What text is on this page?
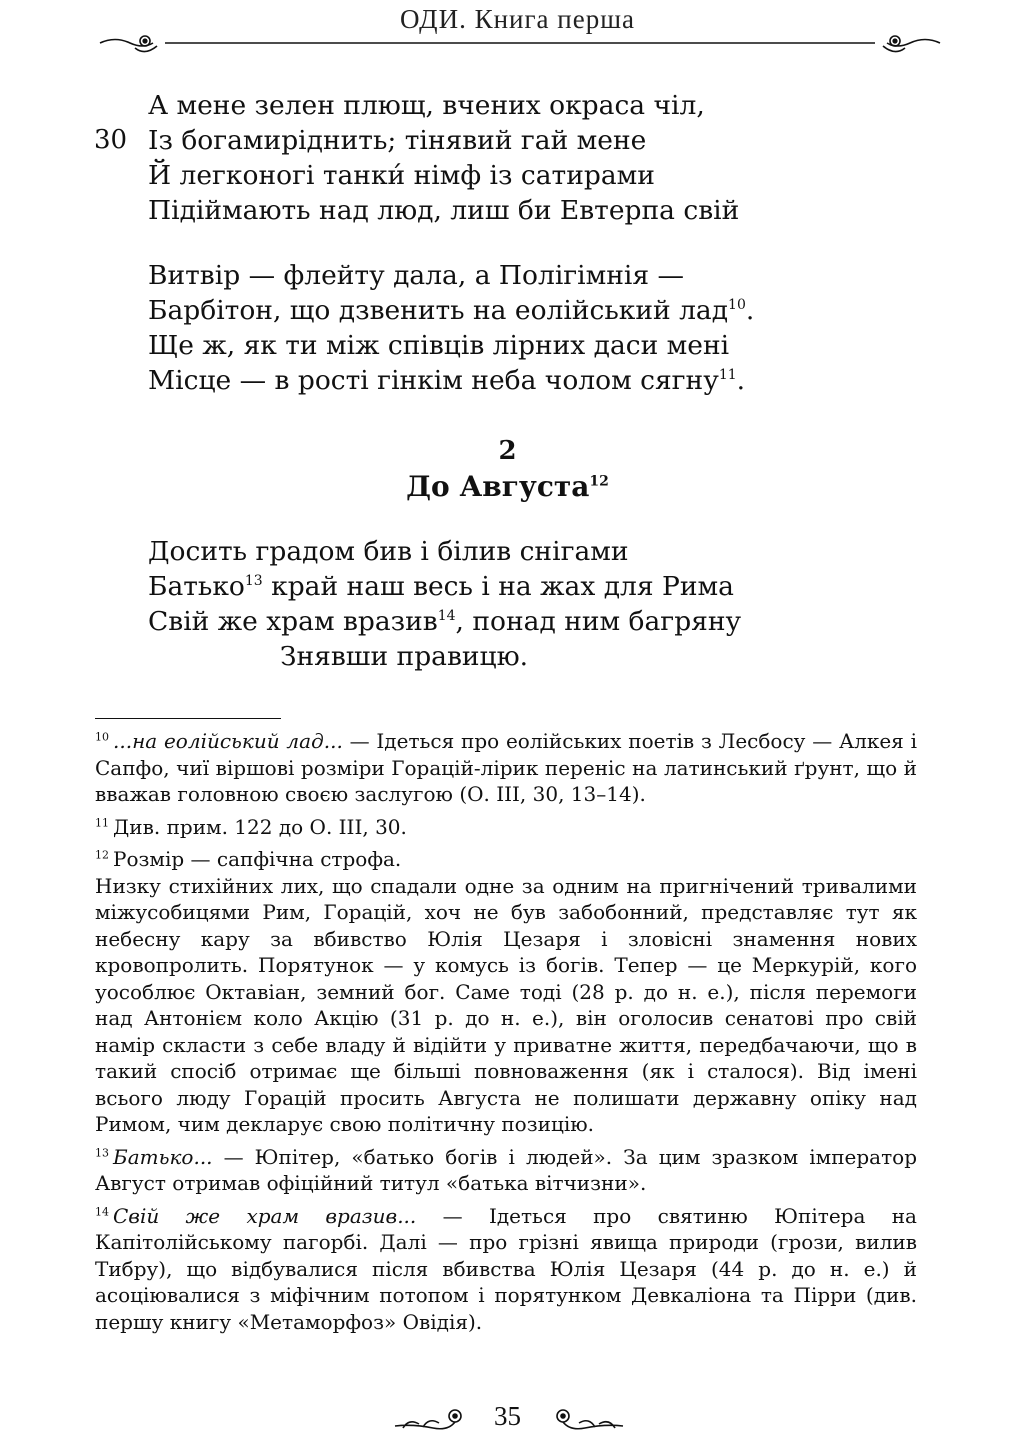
ОДИ. Книга перша
А мене зелен плющ, вчених окраса чіл,
30 Із богамиріднить; тінявий гай мене
Й легконогі танки́ німф із сатирами
Підіймають над люд, лиш би Евтерпа свій
Витвір — флейту дала, а Полігімнія —
Барбітон, що дзвенить на еолійський лад$^{10}$.
Ще ж, як ти між співців лірних даси мені
Місце — в рості гінкім неба чолом сягну$^{11}$.
2
До Августа$^{12}$
Досить градом бив і білив снігами
Батько$^{13}$ край наш весь і на жах для Рима
Свій же храм вразив$^{14}$, понад ним багряну
Знявши правицю.

$^{10}$  ...на еолійський лад... — Ідеться про еолійських поетів з Лесбосу — Алкея і Сапфо, чиї віршові розміри Горацій-лірик переніс на латинський ґрунт, що й вважав головною своєю заслугою (О. ІІІ, 30, 13–14).

$^{11}$  Див. прим. 122 до О. ІІІ, 30.

$^{12}$  Розмір — сапфічна строфа.

Низку стихійних лих, що спадали одне за одним на пригнічений тривалими міжусобицями Рим, Горацій, хоч не був забобонний, представляє тут як небесну кару за вбивство Юлія Цезаря і зловісні знамення нових кровопролить. Порятунок — у комусь із богів. Тепер — це Меркурій, кого уособлює Октавіан, земний бог. Саме тоді (28 р. до н. е.), після перемоги над Антонієм коло Акцію (31 р. до н. е.), він оголосив сенатові про свій намір скласти з себе владу й відійти у приватне життя, передбачаючи, що в такий спосіб отримає ще більші повноваження (як і сталося). Від імені всього люду Горацій просить Августа не полишати державну опіку над Римом, чим декларує свою політичну позицію.

$^{13}$  Батько... — Юпітер, «батько богів і людей». За цим зразком імператор Август отримав офіційний титул «батька вітчизни».

$^{14}$  Свій же храм вразив... — Ідеться про святиню Юпітера на Капітолійському пагорбі. Далі — про грізні явища природи (грози, вилив Тибру), що відбувалися після вбивства Юлія Цезаря (44 р. до н. е.) й асоціювалися з міфічним потопом і порятунком Девкаліона та Пірри (див. першу книгу «Метаморфоз» Овідія).

35
